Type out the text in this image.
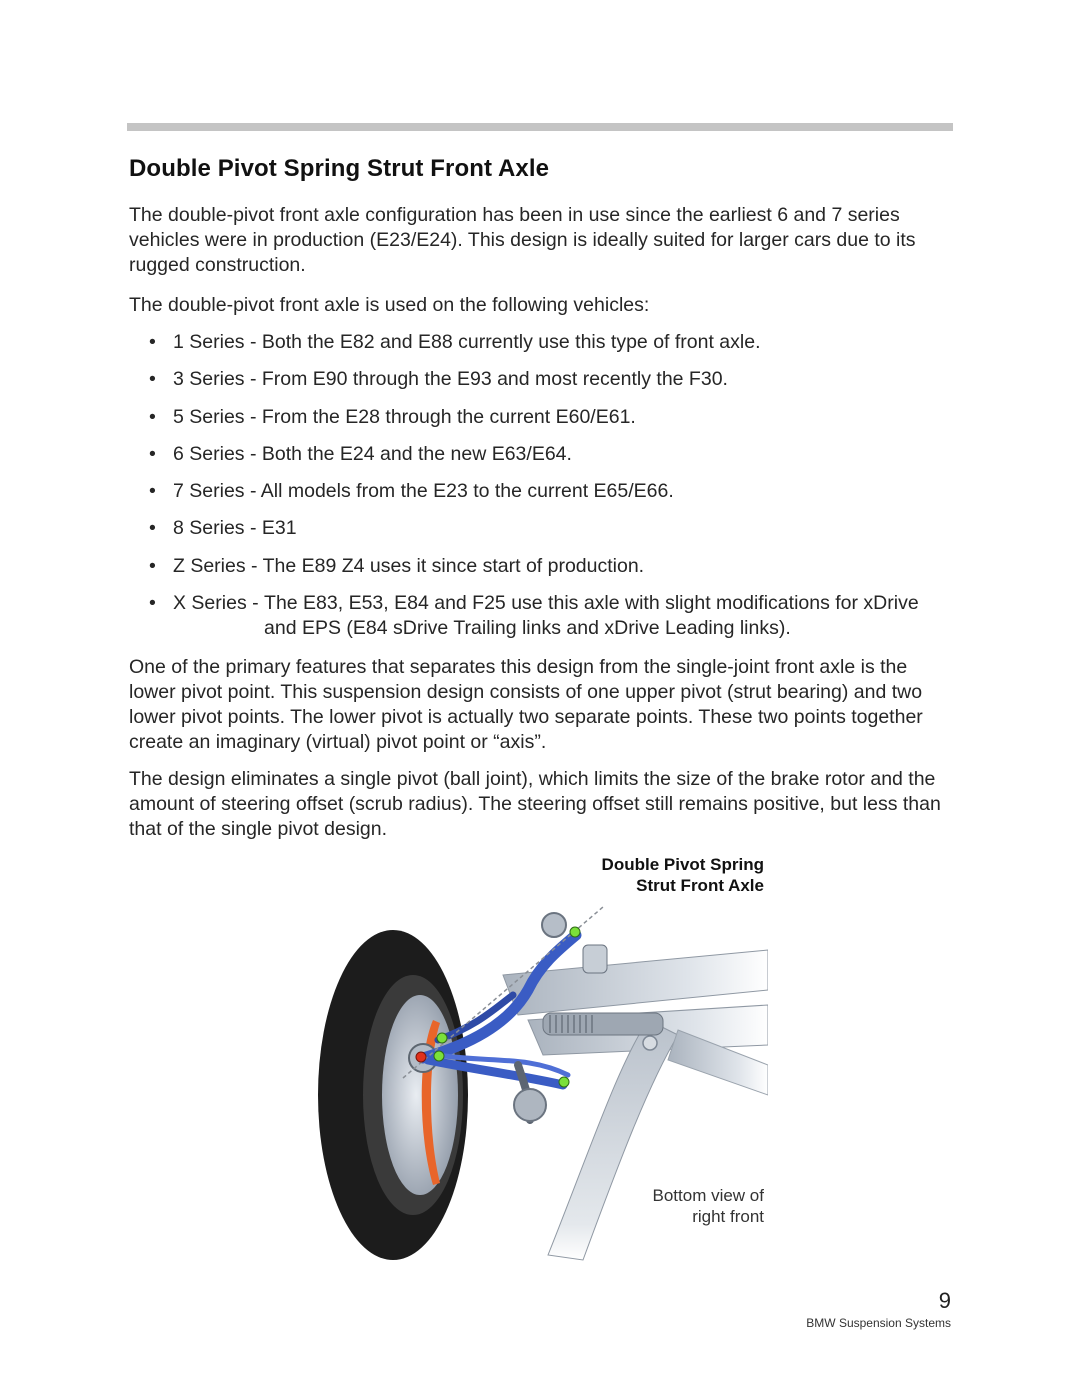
Double Pivot Spring Strut Front Axle

The double-pivot front axle configuration has been in use since the earliest 6 and 7 series vehicles were in production (E23/E24). This design is ideally suited for larger cars due to its rugged construction.

The double-pivot front axle is used on the following vehicles:

• 1 Series - Both the E82 and E88 currently use this type of front axle.
• 3 Series - From E90 through the E93 and most recently the F30.
• 5 Series - From the E28 through the current E60/E61.
• 6 Series - Both the E24 and the new E63/E64.
• 7 Series - All models from the E23 to the current E65/E66.
• 8 Series - E31
• Z Series - The E89 Z4 uses it since start of production.
• X Series - The E83, E53, E84 and F25 use this axle with slight modifications for xDrive and EPS (E84 sDrive Trailing links and xDrive Leading links).

One of the primary features that separates this design from the single-joint front axle is the lower pivot point. This suspension design consists of one upper pivot (strut bearing) and two lower pivot points. The lower pivot is actually two separate points. These two points together create an imaginary (virtual) pivot point or “axis”.

The design eliminates a single pivot (ball joint), which limits the size of the brake rotor and the amount of steering offset (scrub radius). The steering offset still remains positive, but less than that of the single pivot design.

Double Pivot Spring
Strut Front Axle
Bottom view of
right front
9
BMW Suspension Systems
